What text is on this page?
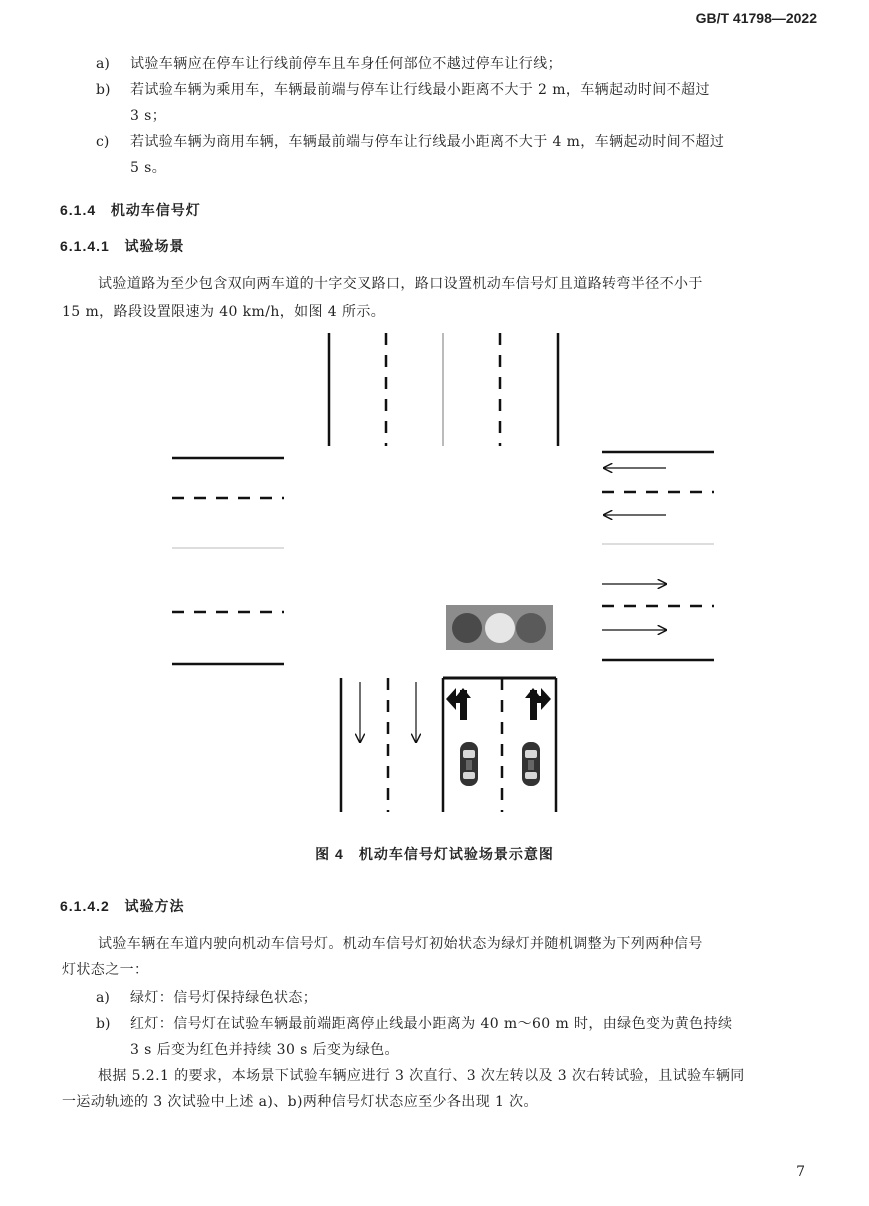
GB/T 41798—2022
a)	试验车辆应在停车让行线前停车且车身任何部位不越过停车让行线；
b)	若试验车辆为乘用车，车辆最前端与停车让行线最小距离不大于 2 m，车辆起动时间不超过
3 s；
c)	若试验车辆为商用车辆，车辆最前端与停车让行线最小距离不大于 4 m，车辆起动时间不超过
5 s。
6.1.4 机动车信号灯
6.1.4.1 试验场景
试验道路为至少包含双向两车道的十字交叉路口，路口设置机动车信号灯且道路转弯半径不小于
15 m，路段设置限速为 40 km/h，如图 4 所示。
图 4　机动车信号灯试验场景示意图
6.1.4.2 试验方法
试验车辆在车道内驶向机动车信号灯。机动车信号灯初始状态为绿灯并随机调整为下列两种信号
灯状态之一：
a)	绿灯：信号灯保持绿色状态；
b)	红灯：信号灯在试验车辆最前端距离停止线最小距离为 40 m～60 m 时，由绿色变为黄色持续
3 s 后变为红色并持续 30 s 后变为绿色。
根据 5.2.1 的要求，本场景下试验车辆应进行 3 次直行、3 次左转以及 3 次右转试验，且试验车辆同
一运动轨迹的 3 次试验中上述 a)、b)两种信号灯状态应至少各出现 1 次。
7
